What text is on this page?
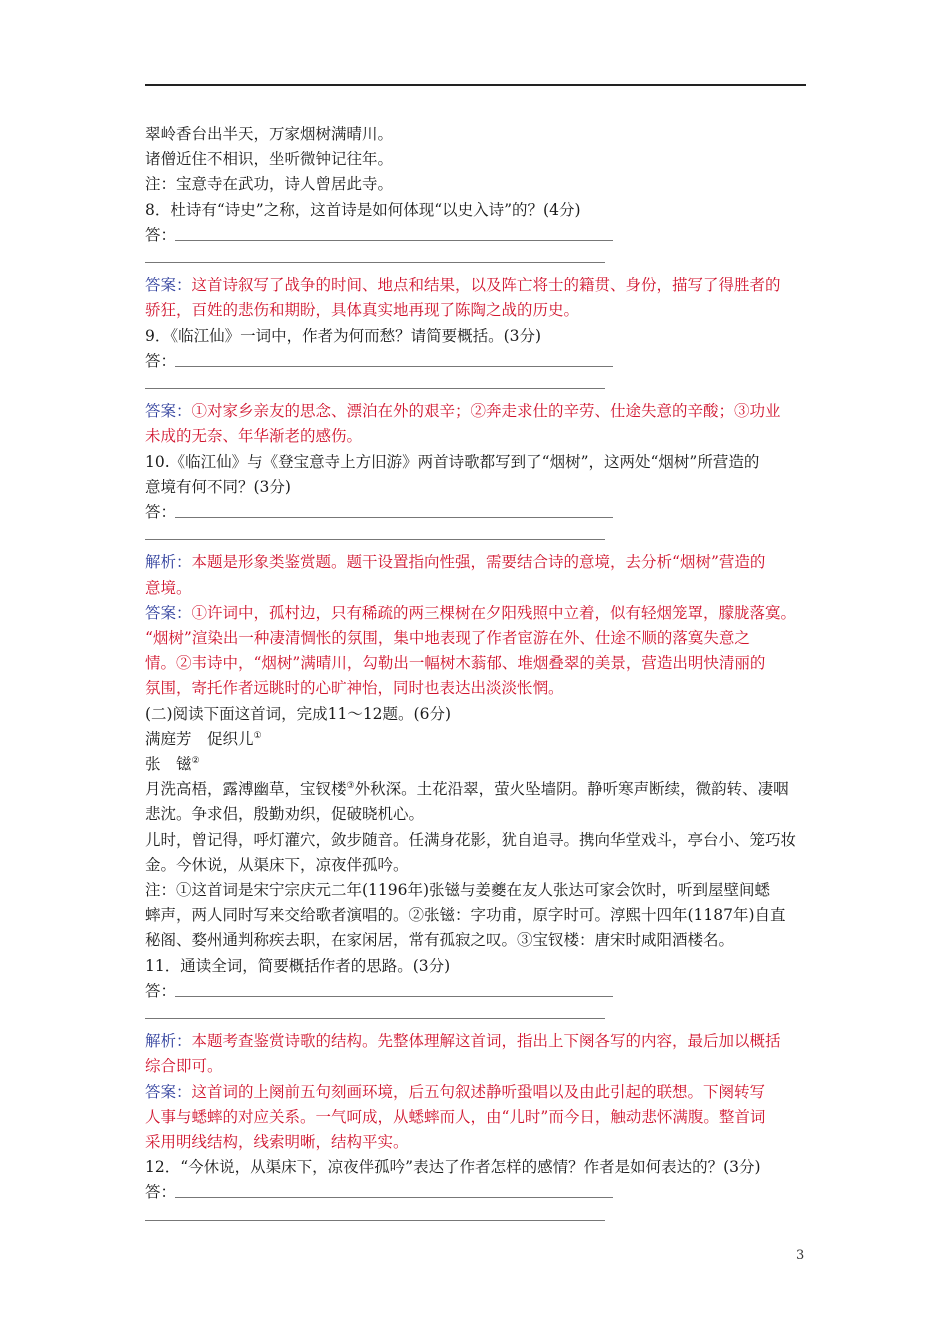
翠岭香台出半天，万家烟树满晴川。
诸僧近住不相识，坐听微钟记往年。
注：宝意寺在武功，诗人曾居此寺。
8．杜诗有“诗史”之称，这首诗是如何体现“以史入诗”的？(4分)
答：
答案：这首诗叙写了战争的时间、地点和结果，以及阵亡将士的籍贯、身份，描写了得胜者的
骄狂，百姓的悲伤和期盼，具体真实地再现了陈陶之战的历史。
9．《临江仙》一词中，作者为何而愁？请简要概括。(3分)
答：
答案：①对家乡亲友的思念、漂泊在外的艰辛；②奔走求仕的辛劳、仕途失意的辛酸；③功业
未成的无奈、年华渐老的感伤。
10.《临江仙》与《登宝意寺上方旧游》两首诗歌都写到了“烟树”，这两处“烟树”所营造的
意境有何不同？(3分)
答：
解析：本题是形象类鉴赏题。题干设置指向性强，需要结合诗的意境，去分析“烟树”营造的
意境。
答案：①许词中，孤村边，只有稀疏的两三棵树在夕阳残照中立着，似有轻烟笼罩，朦胧落寞。
“烟树”渲染出一种凄清惆怅的氛围，集中地表现了作者宦游在外、仕途不顺的落寞失意之
情。②韦诗中，“烟树”满晴川，勾勒出一幅树木蓊郁、堆烟叠翠的美景，营造出明快清丽的
氛围，寄托作者远眺时的心旷神怡，同时也表达出淡淡怅惘。
(二)阅读下面这首词，完成11～12题。(6分)
满庭芳　促织儿①
张　镃②
月洗高梧，露溥幽草，宝钗楼③外秋深。土花沿翠，萤火坠墙阴。静听寒声断续，微韵转、凄咽
悲沈。争求侣，殷勤劝织，促破晓机心。
儿时，曾记得，呼灯灌穴，敛步随音。任满身花影，犹自追寻。携向华堂戏斗，亭台小、笼巧妆
金。今休说，从渠床下，凉夜伴孤吟。
注：①这首词是宋宁宗庆元二年(1196年)张镃与姜夔在友人张达可家会饮时，听到屋壁间蟋
蟀声，两人同时写来交给歌者演唱的。②张镃：字功甫，原字时可。淳熙十四年(1187年)自直
秘阁、婺州通判称疾去职，在家闲居，常有孤寂之叹。③宝钗楼：唐宋时咸阳酒楼名。
11．通读全词，简要概括作者的思路。(3分)
答：
解析：本题考查鉴赏诗歌的结构。先整体理解这首词，指出上下阕各写的内容，最后加以概括
综合即可。
答案：这首词的上阕前五句刻画环境，后五句叙述静听蛩唱以及由此引起的联想。下阕转写
人事与蟋蟀的对应关系。一气呵成，从蟋蟀而人，由“儿时”而今日，触动悲怀满腹。整首词
采用明线结构，线索明晰，结构平实。
12．“今休说，从渠床下，凉夜伴孤吟”表达了作者怎样的感情？作者是如何表达的？(3分)
答：
3
